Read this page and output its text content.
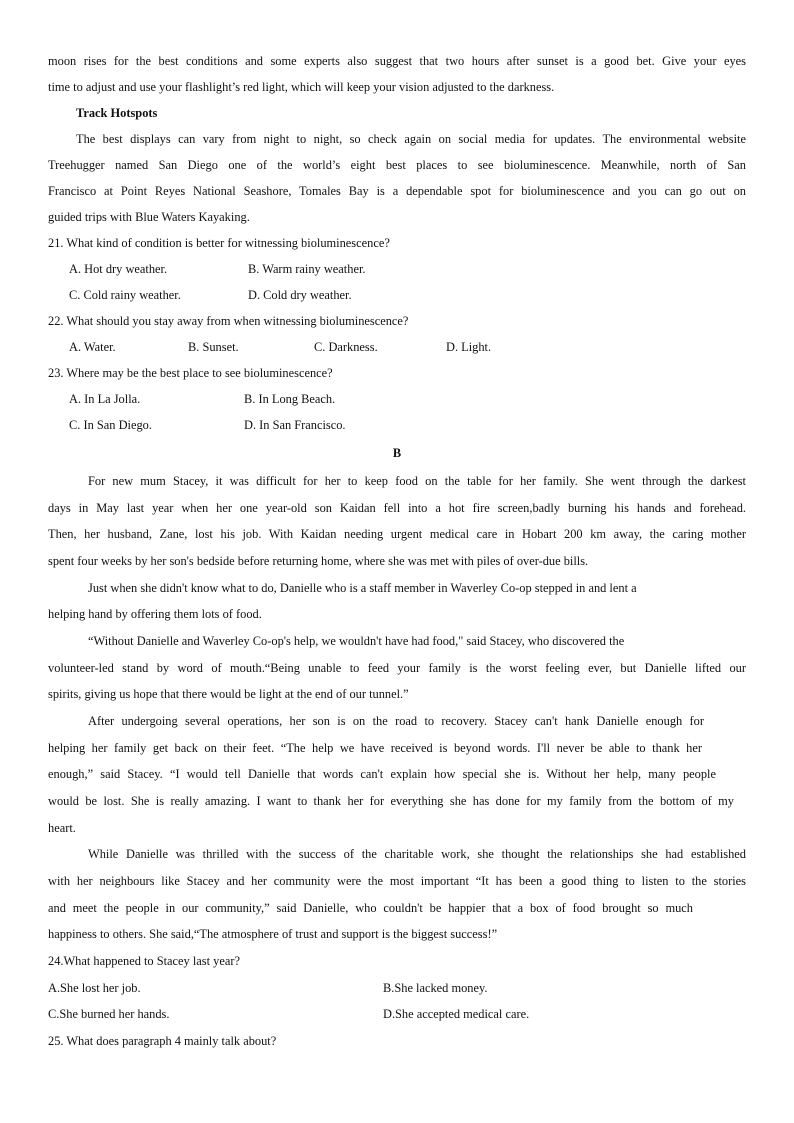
moon rises for the best conditions and some experts also suggest that two hours after sunset is a good bet. Give your eyes
time to adjust and use your flashlight’s red light, which will keep your vision adjusted to the darkness.
Track Hotspots
The best displays can vary from night to night, so check again on social media for updates. The environmental website
Treehugger named San Diego one of the world’s eight best places to see bioluminescence. Meanwhile, north of San
Francisco at Point Reyes National Seashore, Tomales Bay is a dependable spot for bioluminescence and you can go out on
guided trips with Blue Waters Kayaking.
21. What kind of condition is better for witnessing bioluminescence?
A. Hot dry weather.	B. Warm rainy weather.
C. Cold rainy weather.	D. Cold dry weather.
22. What should you stay away from when witnessing bioluminescence?
A. Water.	B. Sunset.	C. Darkness.	D. Light.
23. Where may be the best place to see bioluminescence?
A. In La Jolla.	B. In Long Beach.
C. In San Diego.	D. In San Francisco.
B
For new mum Stacey, it was difficult for her to keep food on the table for her family. She went through the darkest
days in May last year when her one year-old son Kaidan fell into a hot fire screen,badly burning his hands and forehead.
Then, her husband, Zane, lost his job. With Kaidan needing urgent medical care in Hobart 200 km away, the caring mother
spent four weeks by her son's bedside before returning home, where she was met with piles of over-due bills.
Just when she didn't know what to do, Danielle who is a staff member in Waverley Co-op stepped in and lent a
helping hand by offering them lots of food.
“Without Danielle and Waverley Co-op's help, we wouldn't have had food," said Stacey, who discovered the
volunteer-led stand by word of mouth.“Being unable to feed your family is the worst feeling ever, but Danielle lifted our
spirits, giving us hope that there would be light at the end of our tunnel.”
After undergoing several operations, her son is on the road to recovery. Stacey can't hank Danielle enough for
helping her family get back on their feet. “The help we have received is beyond words. I'll never be able to thank her
enough,” said Stacey. “I would tell Danielle that words can't explain how special she is. Without her help, many people
would be lost. She is really amazing. I want to thank her for everything she has done for my family from the bottom of my
heart.
While Danielle was thrilled with the success of the charitable work, she thought the relationships she had established
with her neighbours like Stacey and her community were the most important “It has been a good thing to listen to the stories
and meet the people in our community,” said Danielle, who couldn't be happier that a box of food brought so much
happiness to others. She said,“The atmosphere of trust and support is the biggest success!”
24.What happened to Stacey last year?
A.She lost her job.	B.She lacked money.
C.She burned her hands.	D.She accepted medical care.
25. What does paragraph 4 mainly talk about?
